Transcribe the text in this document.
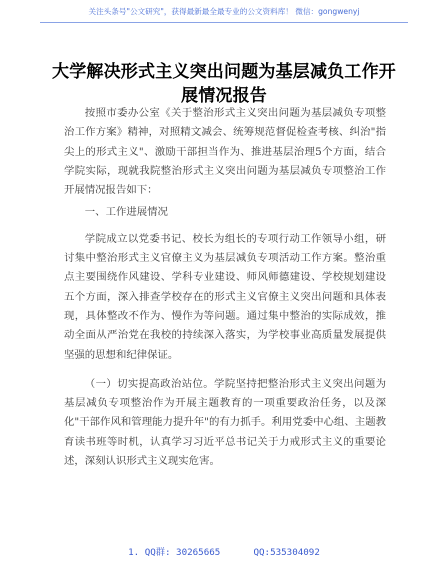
关注头条号"公文研究"，获得最新最全最专业的公文资料库！ 微信：gongwenyj
大学解决形式主义突出问题为基层减负工作开展情况报告

按照市委办公室《关于整治形式主义突出问题为基层减负专项整治工作方案》精神，对照精文减会、统筹规范督促检查考核、纠治"指尖上的形式主义"、激励干部担当作为、推进基层治理5个方面，结合学院实际，现就我院整治形式主义突出问题为基层减负专项整治工作开展情况报告如下：

一、工作进展情况

学院成立以党委书记、校长为组长的专项行动工作领导小组，研讨集中整治形式主义官僚主义为基层减负专项活动工作方案。整治重点主要围绕作风建设、学科专业建设、师风师德建设、学校规划建设五个方面，深入排查学校存在的形式主义官僚主义突出问题和具体表现，具体整改不作为、慢作为等问题。通过集中整治的实际成效，推动全面从严治党在我校的持续深入落实，为学校事业高质量发展提供坚强的思想和纪律保证。

（一）切实提高政治站位。学院坚持把整治形式主义突出问题为基层减负专项整治作为开展主题教育的一项重要政治任务，以及深化"干部作风和管理能力提升年"的有力抓手。利用党委中心组、主题教育读书班等时机，认真学习习近平总书记关于力戒形式主义的重要论述，深刻认识形式主义现实危害。

1. QQ群: 30265665      QQ:535304092
